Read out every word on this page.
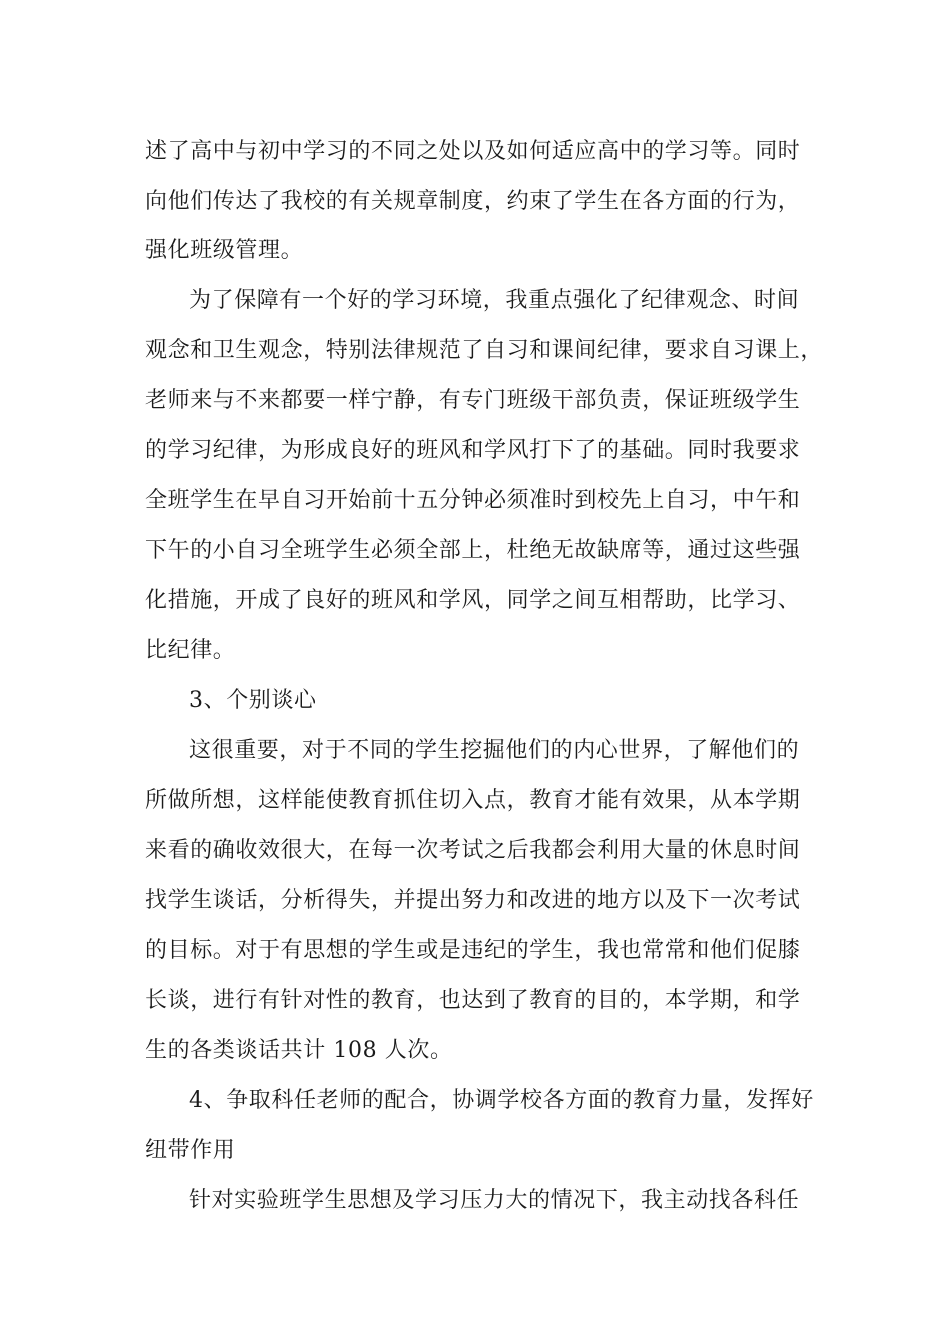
述了高中与初中学习的不同之处以及如何适应高中的学习等。同时
向他们传达了我校的有关规章制度，约束了学生在各方面的行为，
强化班级管理。
为了保障有一个好的学习环境，我重点强化了纪律观念、时间
观念和卫生观念，特别法律规范了自习和课间纪律，要求自习课上，
老师来与不来都要一样宁静，有专门班级干部负责，保证班级学生
的学习纪律，为形成良好的班风和学风打下了的基础。同时我要求
全班学生在早自习开始前十五分钟必须准时到校先上自习，中午和
下午的小自习全班学生必须全部上，杜绝无故缺席等，通过这些强
化措施，开成了良好的班风和学风，同学之间互相帮助，比学习、
比纪律。
3、个别谈心
这很重要，对于不同的学生挖掘他们的内心世界，了解他们的
所做所想，这样能使教育抓住切入点，教育才能有效果，从本学期
来看的确收效很大，在每一次考试之后我都会利用大量的休息时间
找学生谈话，分析得失，并提出努力和改进的地方以及下一次考试
的目标。对于有思想的学生或是违纪的学生，我也常常和他们促膝
长谈，进行有针对性的教育，也达到了教育的目的，本学期，和学
生的各类谈话共计 108 人次。
4、争取科任老师的配合，协调学校各方面的教育力量，发挥好
纽带作用
针对实验班学生思想及学习压力大的情况下，我主动找各科任
